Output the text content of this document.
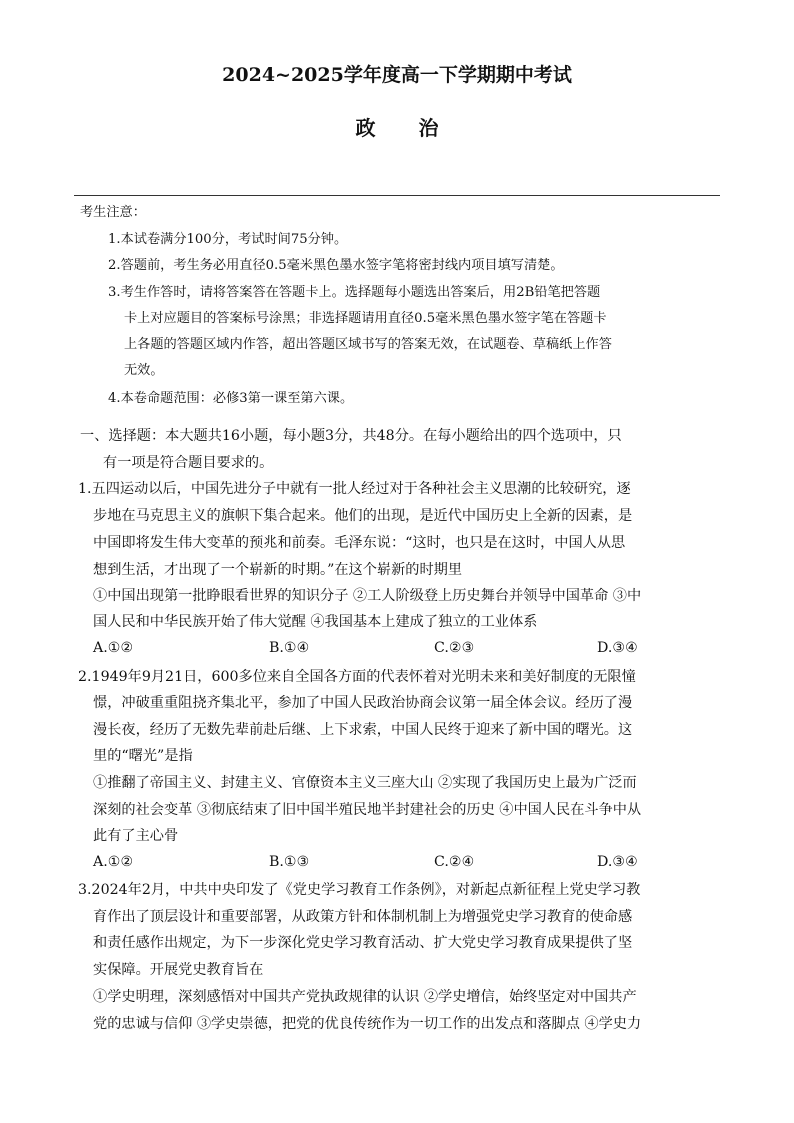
2024~2025学年度高一下学期期中考试
政 治
考生注意：
1.本试卷满分100分，考试时间75分钟。
2.答题前，考生务必用直径0.5毫米黑色墨水签字笔将密封线内项目填写清楚。
3.考生作答时，请将答案答在答题卡上。选择题每小题选出答案后，用2B铅笔把答题
卡上对应题目的答案标号涂黑；非选择题请用直径0.5毫米黑色墨水签字笔在答题卡
上各题的答题区域内作答，超出答题区域书写的答案无效，在试题卷、草稿纸上作答
无效。
4.本卷命题范围：必修3第一课至第六课。
一、选择题：本大题共16小题，每小题3分，共48分。在每小题给出的四个选项中，只
有一项是符合题目要求的。
1.五四运动以后，中国先进分子中就有一批人经过对于各种社会主义思潮的比较研究，逐
步地在马克思主义的旗帜下集合起来。他们的出现，是近代中国历史上全新的因素，是
中国即将发生伟大变革的预兆和前奏。毛泽东说：“这时，也只是在这时，中国人从思
想到生活，才出现了一个崭新的时期。”在这个崭新的时期里
①中国出现第一批睁眼看世界的知识分子 ②工人阶级登上历史舞台并领导中国革命 ③中
国人民和中华民族开始了伟大觉醒 ④我国基本上建成了独立的工业体系
A.①②	B.①④	C.②③	D.③④
2.1949年9月21日，600多位来自全国各方面的代表怀着对光明未来和美好制度的无限憧
憬，冲破重重阻挠齐集北平，参加了中国人民政治协商会议第一届全体会议。经历了漫
漫长夜，经历了无数先辈前赴后继、上下求索，中国人民终于迎来了新中国的曙光。这
里的“曙光”是指
①推翻了帝国主义、封建主义、官僚资本主义三座大山 ②实现了我国历史上最为广泛而
深刻的社会变革 ③彻底结束了旧中国半殖民地半封建社会的历史 ④中国人民在斗争中从
此有了主心骨
A.①②	B.①③	C.②④	D.③④
3.2024年2月，中共中央印发了《党史学习教育工作条例》，对新起点新征程上党史学习教
育作出了顶层设计和重要部署，从政策方针和体制机制上为增强党史学习教育的使命感
和责任感作出规定，为下一步深化党史学习教育活动、扩大党史学习教育成果提供了坚
实保障。开展党史教育旨在
①学史明理，深刻感悟对中国共产党执政规律的认识 ②学史增信，始终坚定对中国共产
党的忠诚与信仰 ③学史崇德，把党的优良传统作为一切工作的出发点和落脚点 ④学史力
